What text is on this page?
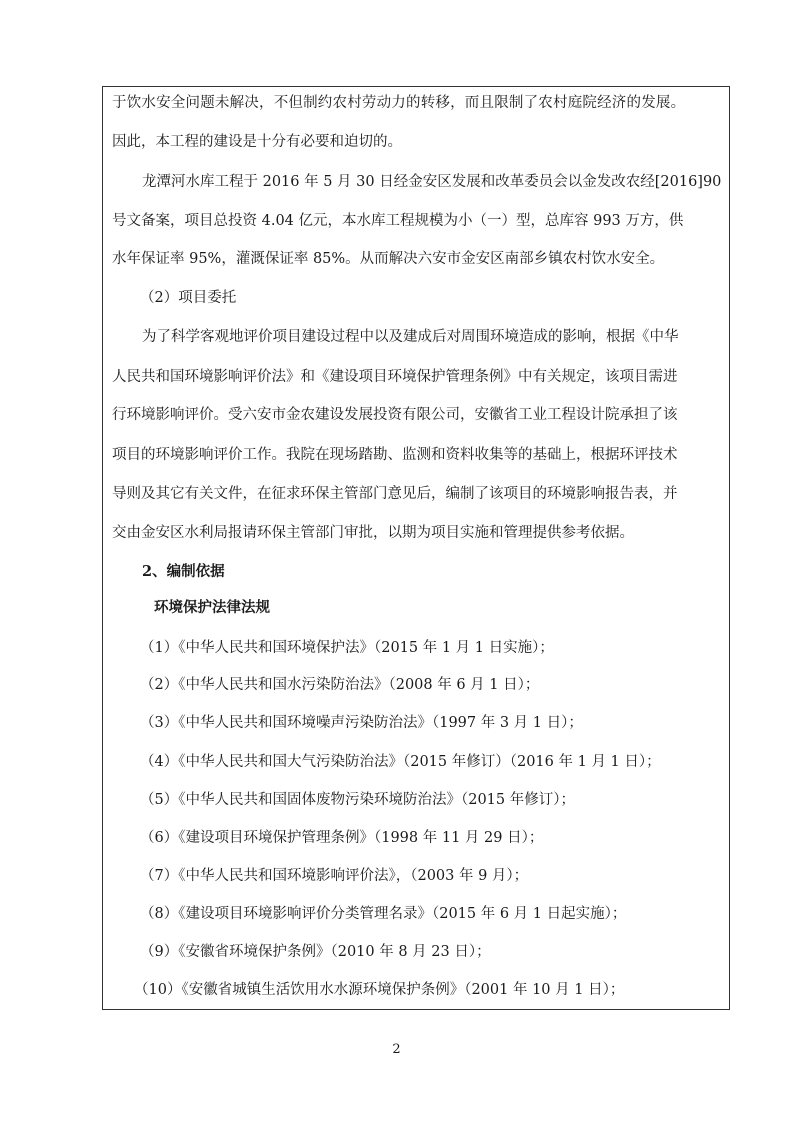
于饮水安全问题未解决，不但制约农村劳动力的转移，而且限制了农村庭院经济的发展。
因此，本工程的建设是十分有必要和迫切的。
龙潭河水库工程于 2016 年 5 月 30 日经金安区发展和改革委员会以金发改农经[2016]90
号文备案，项目总投资 4.04 亿元，本水库工程规模为小（一）型，总库容 993 万方，供
水年保证率 95%，灌溉保证率 85%。从而解决六安市金安区南部乡镇农村饮水安全。
（2）项目委托
为了科学客观地评价项目建设过程中以及建成后对周围环境造成的影响，根据《中华
人民共和国环境影响评价法》和《建设项目环境保护管理条例》中有关规定，该项目需进
行环境影响评价。受六安市金农建设发展投资有限公司，安徽省工业工程设计院承担了该
项目的环境影响评价工作。我院在现场踏勘、监测和资料收集等的基础上，根据环评技术
导则及其它有关文件，在征求环保主管部门意见后，编制了该项目的环境影响报告表，并
交由金安区水利局报请环保主管部门审批，以期为项目实施和管理提供参考依据。
2、编制依据
环境保护法律法规
（1）《中华人民共和国环境保护法》（2015 年 1 月 1 日实施）；
（2）《中华人民共和国水污染防治法》（2008 年 6 月 1 日）；
（3）《中华人民共和国环境噪声污染防治法》（1997 年 3 月 1 日）；
（4）《中华人民共和国大气污染防治法》（2015 年修订）（2016 年 1 月 1 日）；
（5）《中华人民共和国固体废物污染环境防治法》（2015 年修订）；
（6）《建设项目环境保护管理条例》（1998 年 11 月 29 日）；
（7）《中华人民共和国环境影响评价法》，（2003 年 9 月）；
（8）《建设项目环境影响评价分类管理名录》（2015 年 6 月 1 日起实施）；
（9）《安徽省环境保护条例》（2010 年 8 月 23 日）；
（10）《安徽省城镇生活饮用水水源环境保护条例》（2001 年 10 月 1 日）；
2
